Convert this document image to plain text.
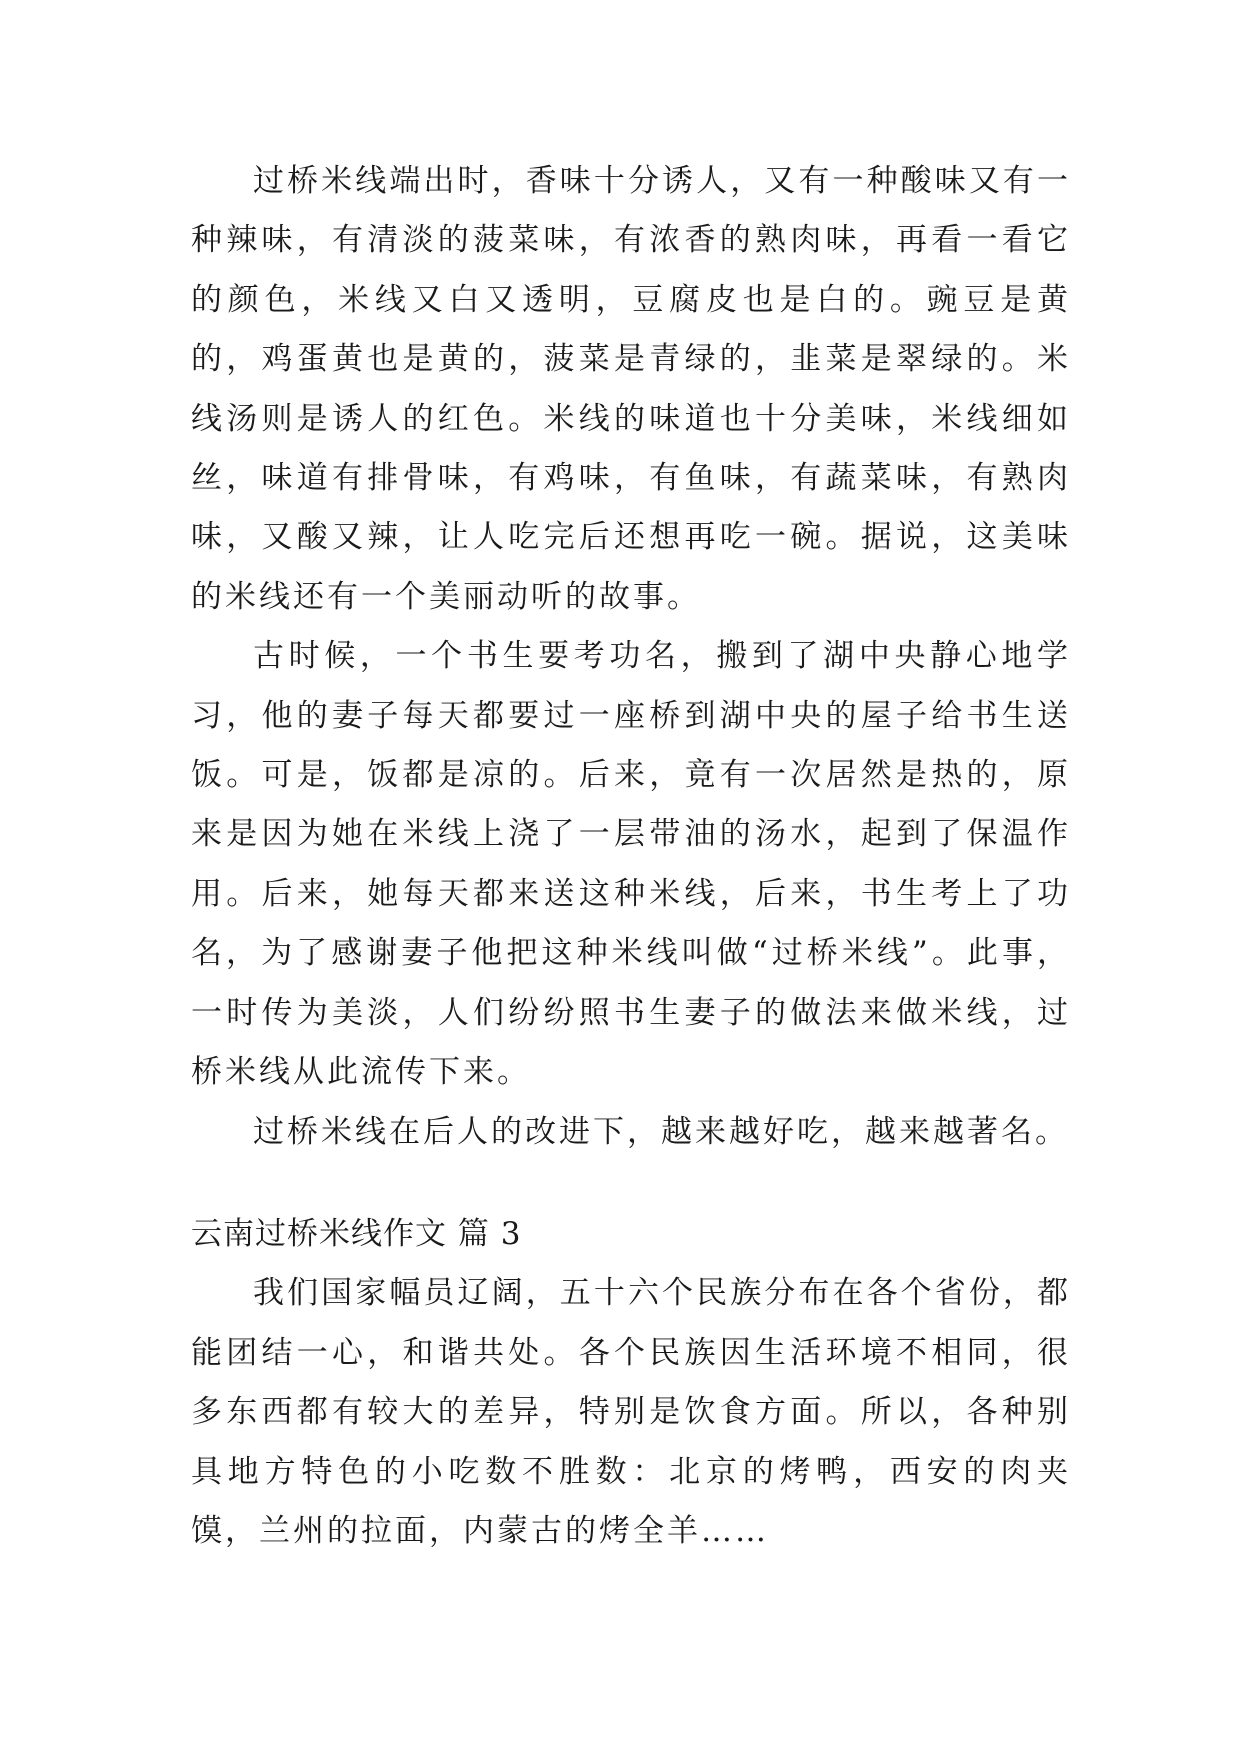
过桥米线端出时，香味十分诱人，又有一种酸味又有一种辣味，有清淡的菠菜味，有浓香的熟肉味，再看一看它的颜色，米线又白又透明，豆腐皮也是白的。豌豆是黄的，鸡蛋黄也是黄的，菠菜是青绿的，韭菜是翠绿的。米线汤则是诱人的红色。米线的味道也十分美味，米线细如丝，味道有排骨味，有鸡味，有鱼味，有蔬菜味，有熟肉味，又酸又辣，让人吃完后还想再吃一碗。据说，这美味的米线还有一个美丽动听的故事。

古时候，一个书生要考功名，搬到了湖中央静心地学习，他的妻子每天都要过一座桥到湖中央的屋子给书生送饭。可是，饭都是凉的。后来，竟有一次居然是热的，原来是因为她在米线上浇了一层带油的汤水，起到了保温作用。后来，她每天都来送这种米线，后来，书生考上了功名，为了感谢妻子他把这种米线叫做“过桥米线”。此事，一时传为美淡，人们纷纷照书生妻子的做法来做米线，过桥米线从此流传下来。

过桥米线在后人的改进下，越来越好吃，越来越著名。

云南过桥米线作文 篇 3

我们国家幅员辽阔，五十六个民族分布在各个省份，都能团结一心，和谐共处。各个民族因生活环境不相同，很多东西都有较大的差异，特别是饮食方面。所以，各种别具地方特色的小吃数不胜数：北京的烤鸭，西安的肉夹馍，兰州的拉面，内蒙古的烤全羊……
